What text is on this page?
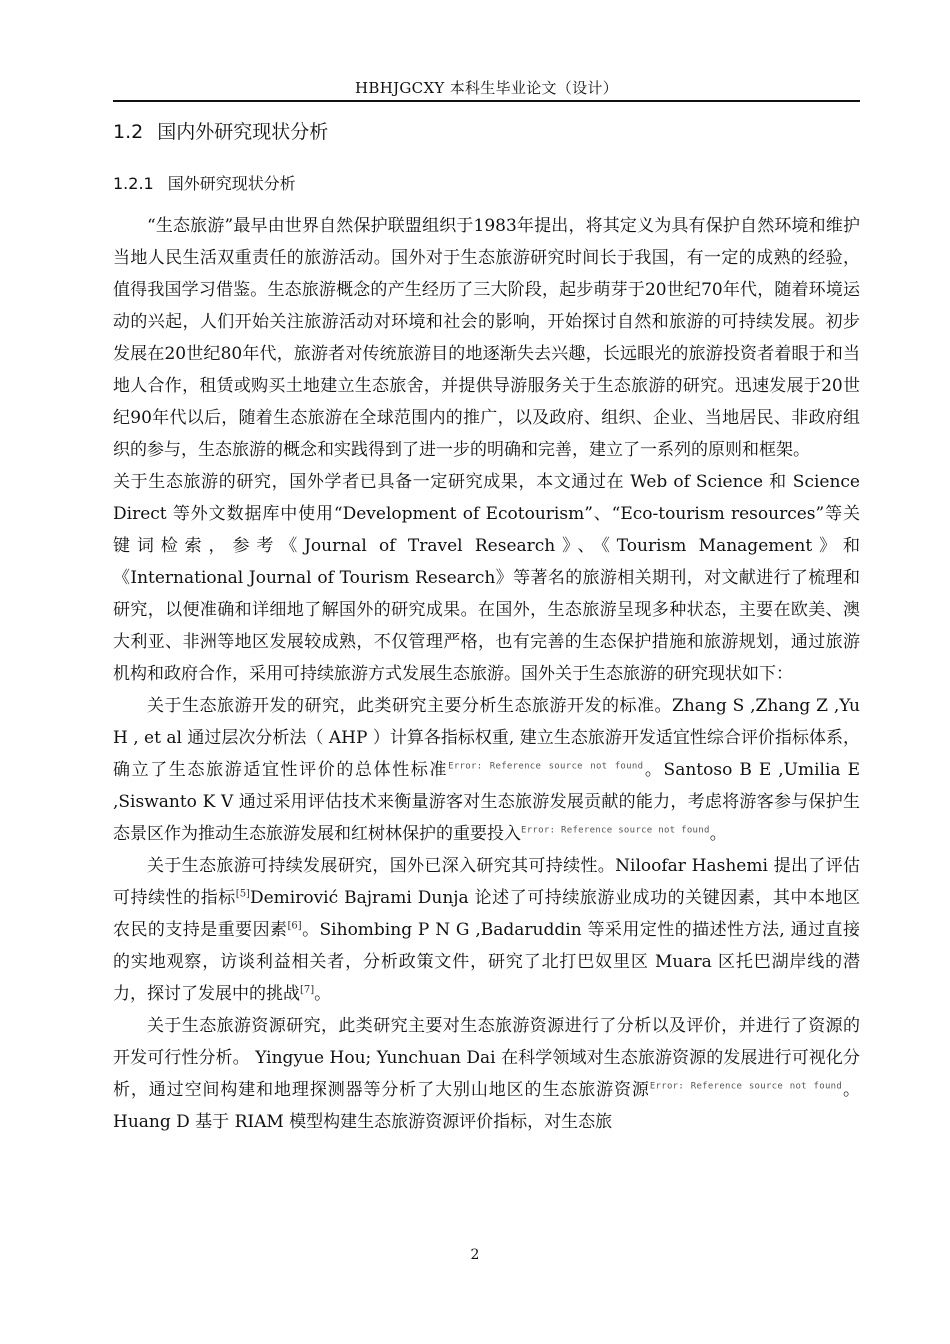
HBHJGCXY 本科生毕业论文（设计）
1.2 国内外研究现状分析
1.2.1 国外研究现状分析

“生态旅游”最早由世界自然保护联盟组织于1983年提出，将其定义为具有保护自然环境和维护当地人民生活双重责任的旅游活动。国外对于生态旅游研究时间长于我国，有一定的成熟的经验，值得我国学习借鉴。生态旅游概念的产生经历了三大阶段，起步萌芽于20世纪70年代，随着环境运动的兴起，人们开始关注旅游活动对环境和社会的影响，开始探讨自然和旅游的可持续发展。初步发展在20世纪80年代，旅游者对传统旅游目的地逐渐失去兴趣，长远眼光的旅游投资者着眼于和当地人合作，租赁或购买土地建立生态旅舍，并提供导游服务关于生态旅游的研究。迅速发展于20世纪90年代以后，随着生态旅游在全球范围内的推广，以及政府、组织、企业、当地居民、非政府组织的参与，生态旅游的概念和实践得到了进一步的明确和完善，建立了一系列的原则和框架。

关于生态旅游的研究，国外学者已具备一定研究成果，本文通过在 Web of Science 和 Science Direct 等外文数据库中使用“Development of Ecotourism”、“Eco-tourism resources”等关键词检索，参考《Journal of Travel Research》、《Tourism Management》和《International Journal of Tourism Research》等著名的旅游相关期刊，对文献进行了梳理和研究，以便准确和详细地了解国外的研究成果。在国外，生态旅游呈现多种状态，主要在欧美、澳大利亚、非洲等地区发展较成熟，不仅管理严格，也有完善的生态保护措施和旅游规划，通过旅游机构和政府合作，采用可持续旅游方式发展生态旅游。国外关于生态旅游的研究现状如下：

关于生态旅游开发的研究，此类研究主要分析生态旅游开发的标准。Zhang S ,Zhang Z ,Yu H , et al 通过层次分析法（ AHP ）计算各指标权重, 建立生态旅游开发适宜性综合评价指标体系，确立了生态旅游适宜性评价的总体性标准$^{Error: Reference source not found}$。Santoso B E ,Umilia E ,Siswanto K V 通过采用评估技术来衡量游客对生态旅游发展贡献的能力，考虑将游客参与保护生态景区作为推动生态旅游发展和红树林保护的重要投入$^{Error: Reference source not found}$。

关于生态旅游可持续发展研究，国外已深入研究其可持续性。Niloofar Hashemi 提出了评估可持续性的指标[5]Demirović Bajrami Dunja 论述了可持续旅游业成功的关键因素，其中本地区农民的支持是重要因素[6]。Sihombing P N G ,Badaruddin 等采用定性的描述性方法, 通过直接的实地观察，访谈利益相关者，分析政策文件，研究了北打巴奴里区 Muara 区托巴湖岸线的潜力，探讨了发展中的挑战[7]。

关于生态旅游资源研究，此类研究主要对生态旅游资源进行了分析以及评价，并进行了资源的开发可行性分析。 Yingyue Hou; Yunchuan Dai 在科学领域对生态旅游资源的发展进行可视化分析，通过空间构建和地理探测器等分析了大别山地区的生态旅游资源$^{Error: Reference source not found}$。Huang D 基于 RIAM 模型构建生态旅游资源评价指标，对生态旅

2
